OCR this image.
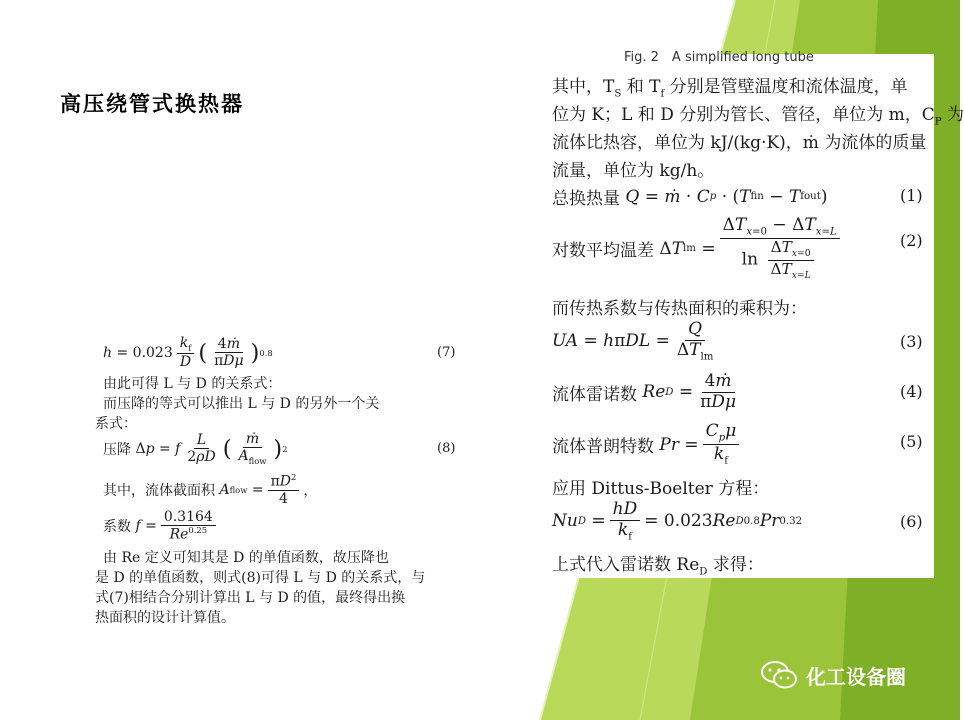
高压绕管式换热器
Fig. 2　A simplified long tube
其中，$T_S$ 和 $T_f$ 分别是管壁温度和流体温度，单
位为 K；L 和 D 分别为管长、管径，单位为 m，$C_P$ 为
流体比热容，单位为 kJ/(kg·K)，ṁ 为流体的质量
流量，单位为 kg/h。
总换热量
Q = ṁ · C p · ( T fin − T fout )	(1)
对数平均温差 Δ T lm = $\frac{\Delta T_{x=0} - \Delta T_{x=L}}{\ln \frac{\Delta T_{x=0}}{\Delta T_{x=L}}}$	(2)
而传热系数与传热面积的乘积为：
UA = h π DL = $\frac{Q}{\Delta T_{lm}}$	(3)
流体雷诺数
Re $D = \frac{\text{4ṁ}}{\text{πDμ}}$	(4)
流体普朗特数
$Pr = \frac{C_p\mu}{k_f}$	(5)
应用 Dittus-Boelter 方程：
Nu $D = \frac{hD}{k_f} = 0.023$ Re D 0.8 Pr 0.32	(6)
上式代入雷诺数 $Re_D$ 求得：
$h = 0.023 \frac{k_f}{D}$ ( $\frac{\text{4ṁ}}{\text{πDμ}}$ ) 0.8	(7)
由此可得 L 与 D 的关系式：
而压降的等式可以推出 L 与 D 的另外一个关
系式：
压降 Δ p = f $\frac{L}{2\rho D}$ ( $\frac{\text{ṁ}}{A_{flow}}$ ) 2	(8)
其中，流体截面积
A flow = $\frac{\pi D^2}{4}$ ，
系数
$f = \frac{0.3164}{Re^{0.25}}$
由 Re 定义可知其是 D 的单值函数，故压降也
是 D 的单值函数，则式(8)可得 L 与 D 的关系式，与
式(7)相结合分别计算出 L 与 D 的值，最终得出换
热面积的设计计算值。
化工设备圈
